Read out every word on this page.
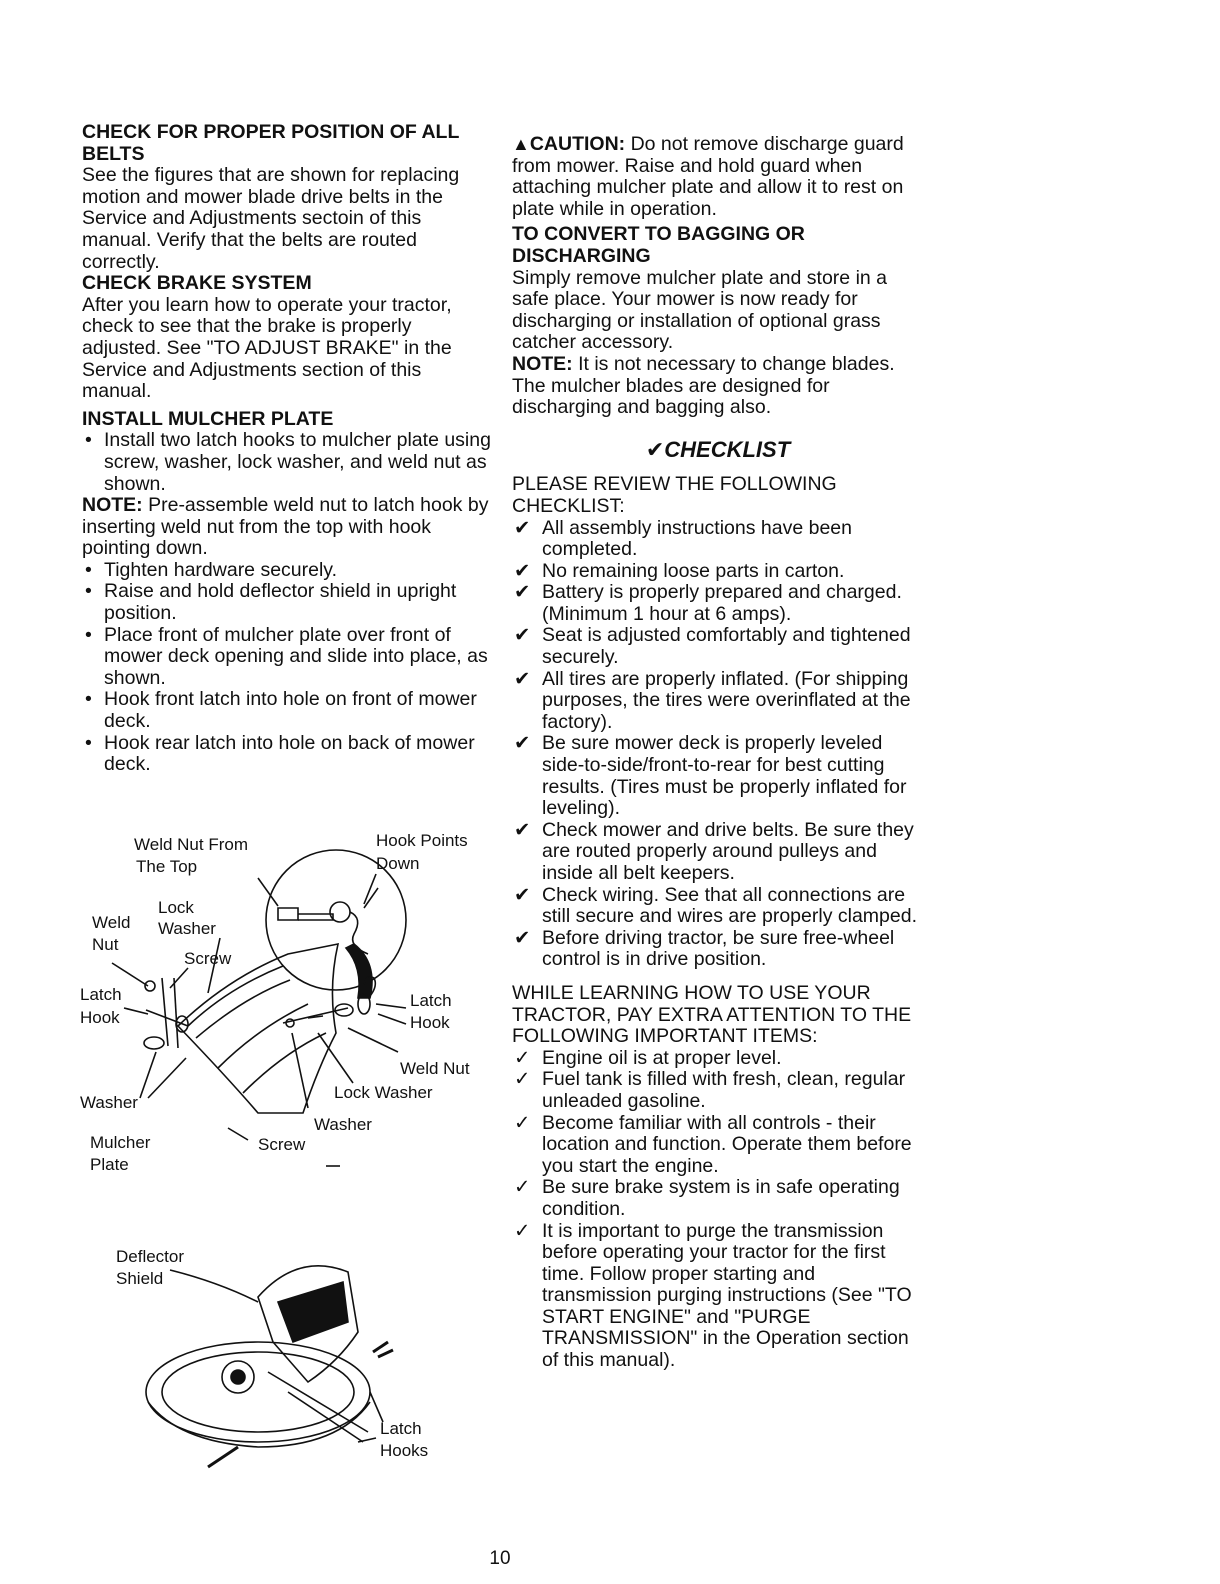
CHECK FOR PROPER POSITION OF ALL BELTS

See the figures that are shown for replacing motion and mower blade drive belts in the Service and Adjustments sectoin of this manual. Verify that the belts are routed correctly.

CHECK BRAKE SYSTEM

After you learn how to operate your tractor, check to see that the brake is properly adjusted. See "TO ADJUST BRAKE" in the Service and Adjustments section of this manual.

INSTALL MULCHER PLATE

• Install two latch hooks to mulcher plate using screw, washer, lock washer, and weld nut as shown.

NOTE: Pre-assemble weld nut to latch hook by inserting weld nut from the top with hook pointing down.

• Tighten hardware securely.
• Raise and hold deflector shield in upright position.
• Place front of mulcher plate over front of mower deck opening and slide into place, as shown.
• Hook front latch into hole on front of mower deck.
• Hook rear latch into hole on back of mower deck.
Weld Nut From
The Top
Hook Points
Down
Lock
Washer
Weld
Nut
Screw
Latch
Hook
Latch
Hook
Weld Nut
Lock Washer
Washer
Washer
Mulcher
Plate
Screw
Deflector
Shield
Latch
Hooks

▲CAUTION: Do not remove discharge guard from mower. Raise and hold guard when attaching mulcher plate and allow it to rest on plate while in operation.

TO CONVERT TO BAGGING OR DISCHARGING

Simply remove mulcher plate and store in a safe place. Your mower is now ready for discharging or installation of optional grass catcher accessory.

NOTE: It is not necessary to change blades. The mulcher blades are designed for discharging and bagging also.

✔CHECKLIST

PLEASE REVIEW THE FOLLOWING CHECKLIST:

✔ All assembly instructions have been completed.
✔ No remaining loose parts in carton.
✔ Battery is properly prepared and charged. (Minimum 1 hour at 6 amps).
✔ Seat is adjusted comfortably and tightened securely.
✔ All tires are properly inflated. (For shipping purposes, the tires were overinflated at the factory).
✔ Be sure mower deck is properly leveled side-to-side/front-to-rear for best cutting results. (Tires must be properly inflated for leveling).
✔ Check mower and drive belts. Be sure they are routed properly around pulleys and inside all belt keepers.
✔ Check wiring. See that all connections are still secure and wires are properly clamped.
✔ Before driving tractor, be sure free-wheel control is in drive position.

WHILE LEARNING HOW TO USE YOUR TRACTOR, PAY EXTRA ATTENTION TO THE FOLLOWING IMPORTANT ITEMS:

✓ Engine oil is at proper level.
✓ Fuel tank is filled with fresh, clean, regular unleaded gasoline.
✓ Become familiar with all controls - their location and function. Operate them before you start the engine.
✓ Be sure brake system is in safe operating condition.
✓ It is important to purge the transmission before operating your tractor for the first time. Follow proper starting and transmission purging instructions (See "TO START ENGINE" and "PURGE TRANSMISSION" in the Operation section of this manual).
10
